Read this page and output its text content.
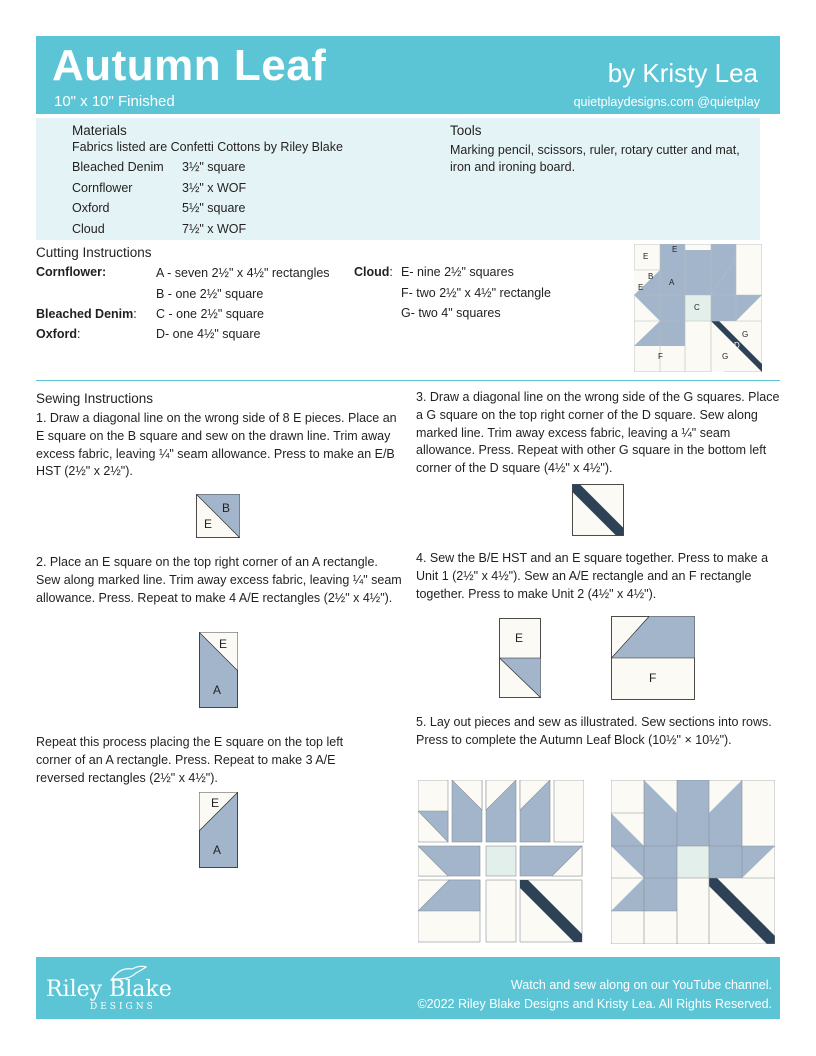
Autumn Leaf
10" x 10" Finished
by Kristy Lea
quietplaydesigns.com @quietplay
Materials
Fabrics listed are Confetti Cottons by Riley Blake
Bleached Denim 3½" square
Cornflower	3½" x WOF
Oxford	5½" square
Cloud	7½" x WOF
Tools
Marking pencil, scissors, ruler, rotary cutter and mat, iron and ironing board.
Cutting Instructions
Cornflower:	A - seven 2½" x 4½" rectangles
B - one 2½" square
Bleached Denim: C - one 2½" square
Oxford:	D- one 4½" square
Cloud: E- nine 2½" squares
F- two 2½" x 4½" rectangle
G- two 4" squares
E
E
B
E
A
C
D
G
G
F
Sewing Instructions
1. Draw a diagonal line on the wrong side of 8 E pieces. Place an E square on the B square and sew on the drawn line. Trim away excess fabric, leaving ¼" seam allowance. Press to make an E/B HST (2½" x 2½").
B
E
2. Place an E square on the top right corner of an A rectangle. Sew along marked line. Trim away excess fabric, leaving ¼" seam allowance. Press. Repeat to make 4 A/E rectangles (2½" x 4½").
E
A
Repeat this process placing the E square on the top left corner of an A rectangle. Press. Repeat to make 3 A/E reversed rectangles (2½" x 4½").
E
A
3. Draw a diagonal line on the wrong side of the G squares. Place a G square on the top right corner of the D square. Sew along marked line. Trim away excess fabric, leaving a ¼" seam allowance. Press. Repeat with other G square in the bottom left corner of the D square (4½" x 4½").
4. Sew the B/E HST and an E square together. Press to make a Unit 1 (2½" x 4½"). Sew an A/E rectangle and an F rectangle together. Press to make Unit 2 (4½" x 4½").
E
F
5. Lay out pieces and sew as illustrated. Sew sections into rows. Press to complete the Autumn Leaf Block (10½" × 10½").
Riley Blake
DESIGNS
Watch and sew along on our YouTube channel.
©2022 Riley Blake Designs and Kristy Lea. All Rights Reserved.
